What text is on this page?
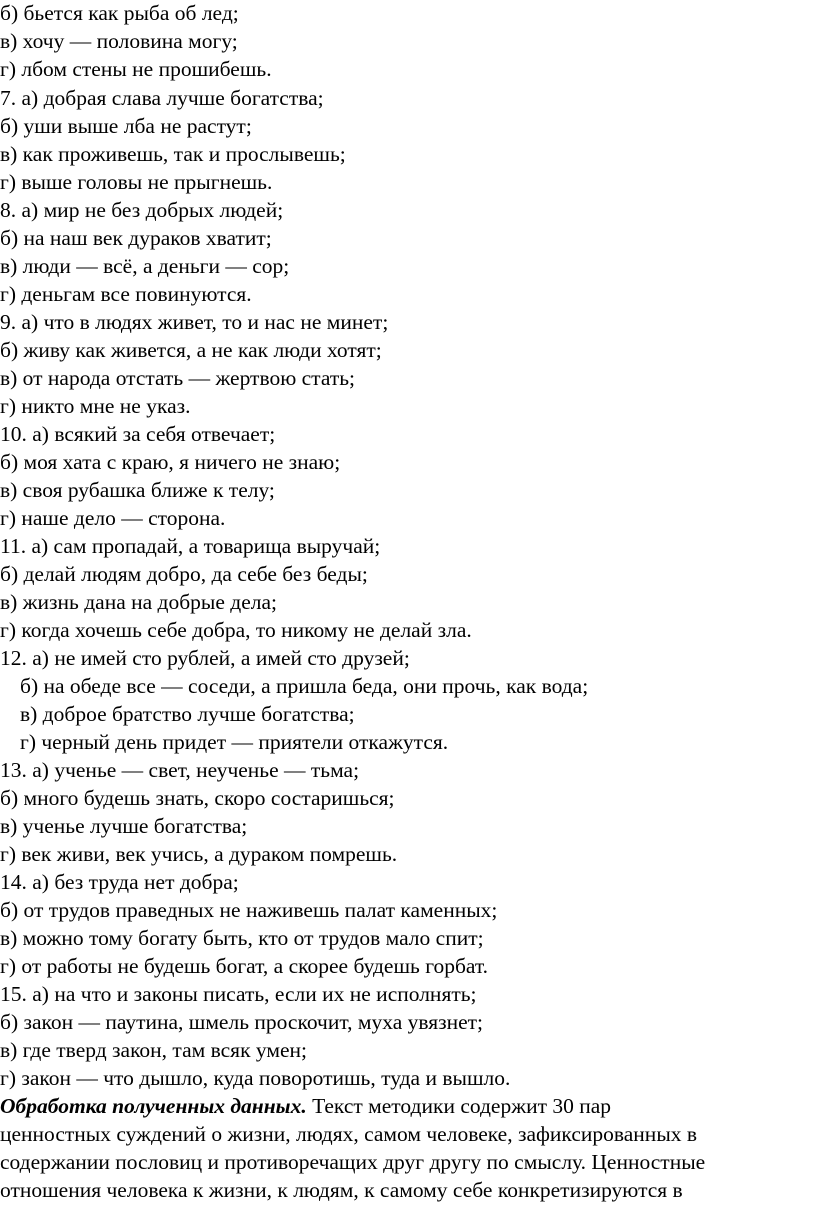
б) бьется как рыба об лед;
в) хочу — половина могу;
г) лбом стены не прошибешь.
7. а) добрая слава лучше богатства;
б) уши выше лба не растут;
в) как проживешь, так и прослывешь;
г) выше головы не прыгнешь.
8. а) мир не без добрых людей;
б) на наш век дураков хватит;
в) люди — всё, а деньги — сор;
г) деньгам все повинуются.
9. а) что в людях живет, то и нас не минет;
б) живу как живется, а не как люди хотят;
в) от народа отстать — жертвою стать;
г) никто мне не указ.
10. а) всякий за себя отвечает;
б) моя хата с краю, я ничего не знаю;
в) своя рубашка ближе к телу;
г) наше дело — сторона.
11. а) сам пропадай, а товарища выручай;
б) делай людям добро, да себе без беды;
в) жизнь дана на добрые дела;
г) когда хочешь себе добра, то никому не делай зла.
12. а) не имей сто рублей, а имей сто друзей;
б) на обеде все — соседи, а пришла беда, они прочь, как вода;
в) доброе братство лучше богатства;
г) черный день придет — приятели откажутся.
13. а) ученье — свет, неученье — тьма;
б) много будешь знать, скоро состаришься;
в) ученье лучше богатства;
г) век живи, век учись, а дураком помрешь.
14. а) без труда нет добра;
б) от трудов праведных не наживешь палат каменных;
в) можно тому богату быть, кто от трудов мало спит;
г) от работы не будешь богат, а скорее будешь горбат.
15. а) на что и законы писать, если их не исполнять;
б) закон — паутина, шмель проскочит, муха увязнет;
в) где тверд закон, там всяк умен;
г) закон — что дышло, куда поворотишь, туда и вышло.
Обработка полученных данных. Текст методики содержит 30 пар
ценностных суждений о жизни, людях, самом человеке, зафиксированных в
содержании пословиц и противоречащих друг другу по смыслу. Ценностные
отношения человека к жизни, к людям, к самому себе конкретизируются в
